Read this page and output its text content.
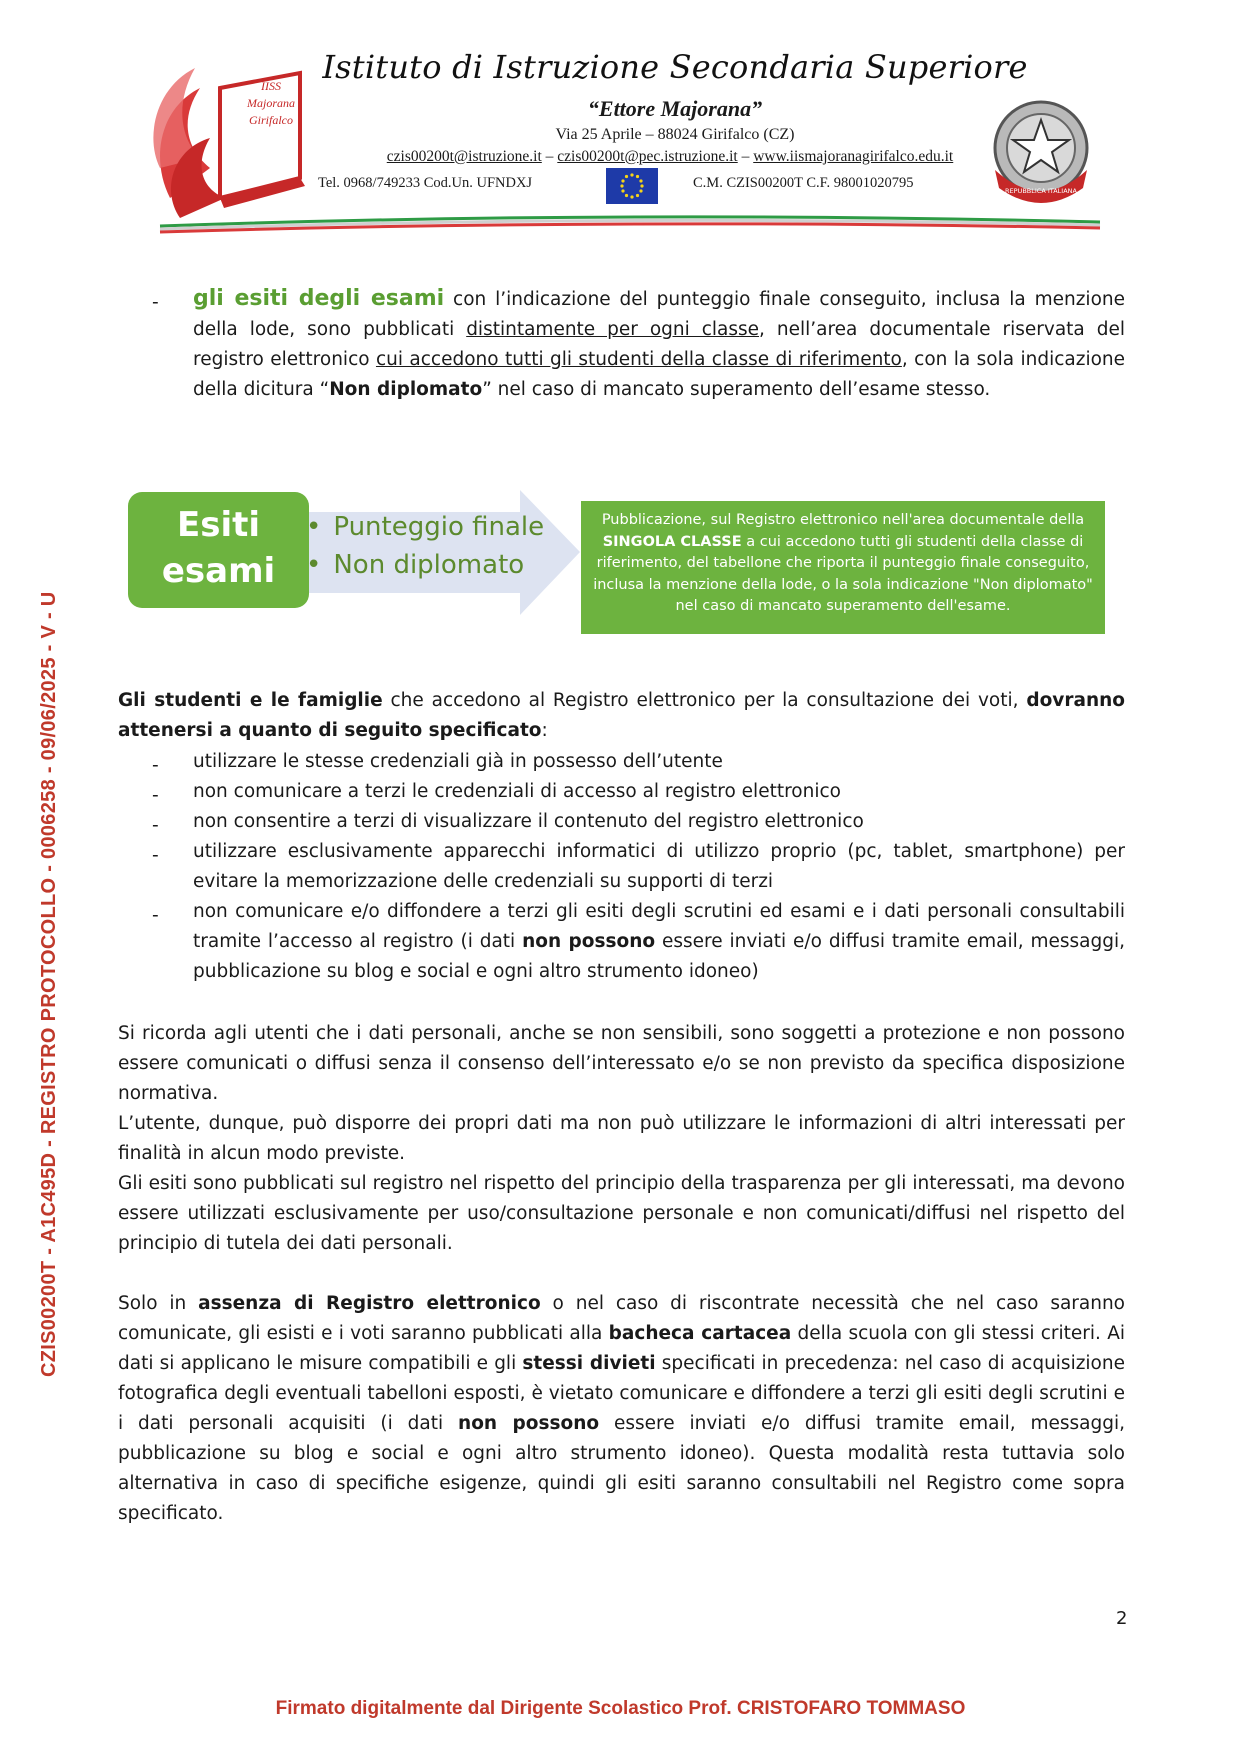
IISS
Majorana
Girifalco
Istituto di Istruzione Secondaria Superiore
“Ettore Majorana”
Via 25 Aprile – 88024 Girifalco (CZ)
czis00200t@istruzione.it – czis00200t@pec.istruzione.it – www.iismajoranagirifalco.edu.it
Tel. 0968/749233 Cod.Un. UFNDXJ	C.M. CZIS00200T C.F. 98001020795	REPUBBLICA ITALIANA
CZIS00200T - A1C495D - REGISTRO PROTOCOLLO - 0006258 - 09/06/2025 - V - U
- gli esiti degli esami con l’indicazione del punteggio finale conseguito, inclusa la menzione della lode, sono pubblicati distintamente per ogni classe, nell’area documentale riservata del registro elettronico cui accedono tutti gli studenti della classe di riferimento, con la sola indicazione della dicitura “Non diplomato” nel caso di mancato superamento dell’esame stesso.
Esiti
esami
• Punteggio finale
• Non diplomato
Pubblicazione, sul Registro elettronico nell'area documentale della SINGOLA CLASSE a cui accedono tutti gli studenti della classe di riferimento, del tabellone che riporta il punteggio finale conseguito, inclusa la menzione della lode, o la sola indicazione "Non diplomato" nel caso di mancato superamento dell'esame.
Gli studenti e le famiglie che accedono al Registro elettronico per la consultazione dei voti, dovranno attenersi a quanto di seguito specificato:
- utilizzare le stesse credenziali già in possesso dell’utente
- non comunicare a terzi le credenziali di accesso al registro elettronico
- non consentire a terzi di visualizzare il contenuto del registro elettronico
- utilizzare esclusivamente apparecchi informatici di utilizzo proprio (pc, tablet, smartphone) per evitare la memorizzazione delle credenziali su supporti di terzi
- non comunicare e/o diffondere a terzi gli esiti degli scrutini ed esami e i dati personali consultabili tramite l’accesso al registro (i dati non possono essere inviati e/o diffusi tramite email, messaggi, pubblicazione su blog e social e ogni altro strumento idoneo)
Si ricorda agli utenti che i dati personali, anche se non sensibili, sono soggetti a protezione e non possono essere comunicati o diffusi senza il consenso dell’interessato e/o se non previsto da specifica disposizione normativa.
L’utente, dunque, può disporre dei propri dati ma non può utilizzare le informazioni di altri interessati per finalità in alcun modo previste.
Gli esiti sono pubblicati sul registro nel rispetto del principio della trasparenza per gli interessati, ma devono essere utilizzati esclusivamente per uso/consultazione personale e non comunicati/diffusi nel rispetto del principio di tutela dei dati personali.
Solo in assenza di Registro elettronico o nel caso di riscontrate necessità che nel caso saranno comunicate, gli esisti e i voti saranno pubblicati alla bacheca cartacea della scuola con gli stessi criteri. Ai dati si applicano le misure compatibili e gli stessi divieti specificati in precedenza: nel caso di acquisizione fotografica degli eventuali tabelloni esposti, è vietato comunicare e diffondere a terzi gli esiti degli scrutini e i dati personali acquisiti (i dati non possono essere inviati e/o diffusi tramite email, messaggi, pubblicazione su blog e social e ogni altro strumento idoneo). Questa modalità resta tuttavia solo alternativa in caso di specifiche esigenze, quindi gli esiti saranno consultabili nel Registro come sopra specificato.
2
Firmato digitalmente dal Dirigente Scolastico Prof. CRISTOFARO TOMMASO
